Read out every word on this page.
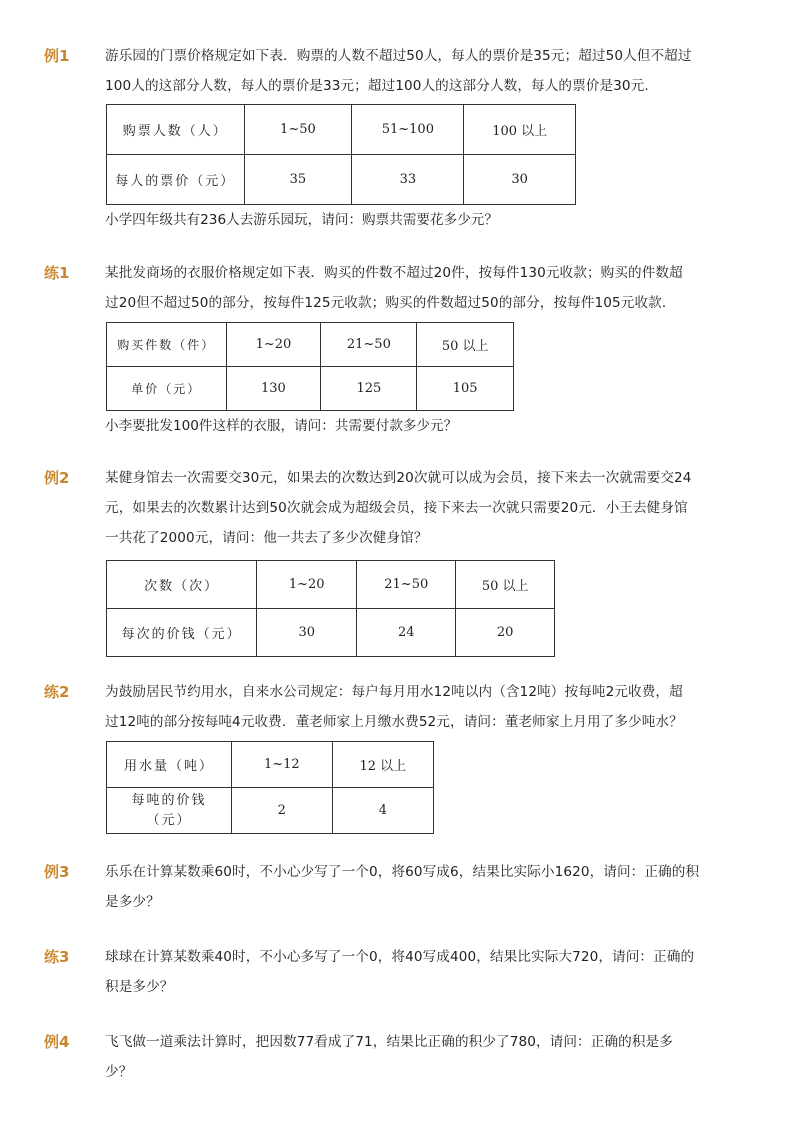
例1	游乐园的门票价格规定如下表．购票的人数不超过50人，每人的票价是35元；超过50人但不超过

100人的这部分人数，每人的票价是33元；超过100人的这部分人数，每人的票价是30元．

购票人数（人）	1~50	51~100	100 以上
每人的票价（元）	35	33	30
小学四年级共有236人去游乐园玩，请问：购票共需要花多少元？
练1	某批发商场的衣服价格规定如下表．购买的件数不超过20件，按每件130元收款；购买的件数超

过20但不超过50的部分，按每件125元收款；购买的件数超过50的部分，按每件105元收款．

购买件数（件）	1~20	21~50	50 以上
单价（元）	130	125	105
小李要批发100件这样的衣服，请问：共需要付款多少元？
例2	某健身馆去一次需要交30元，如果去的次数达到20次就可以成为会员，接下来去一次就需要交24

元，如果去的次数累计达到50次就会成为超级会员，接下来去一次就只需要20元．小王去健身馆

一共花了2000元，请问：他一共去了多少次健身馆？

次数（次）	1~20	21~50	50 以上
每次的价钱（元）	30	24	20
练2	为鼓励居民节约用水，自来水公司规定：每户每月用水12吨以内（含12吨）按每吨2元收费，超

过12吨的部分按每吨4元收费．董老师家上月缴水费52元，请问：董老师家上月用了多少吨水？

用水量（吨）	1~12	12 以上
每吨的价钱（元）	2	4
例3	乐乐在计算某数乘60时，不小心少写了一个0，将60写成6，结果比实际小1620，请问：正确的积

是多少？

练3	球球在计算某数乘40时，不小心多写了一个0，将40写成400，结果比实际大720，请问：正确的

积是多少？

例4	飞飞做一道乘法计算时，把因数77看成了71，结果比正确的积少了780，请问：正确的积是多

少？
